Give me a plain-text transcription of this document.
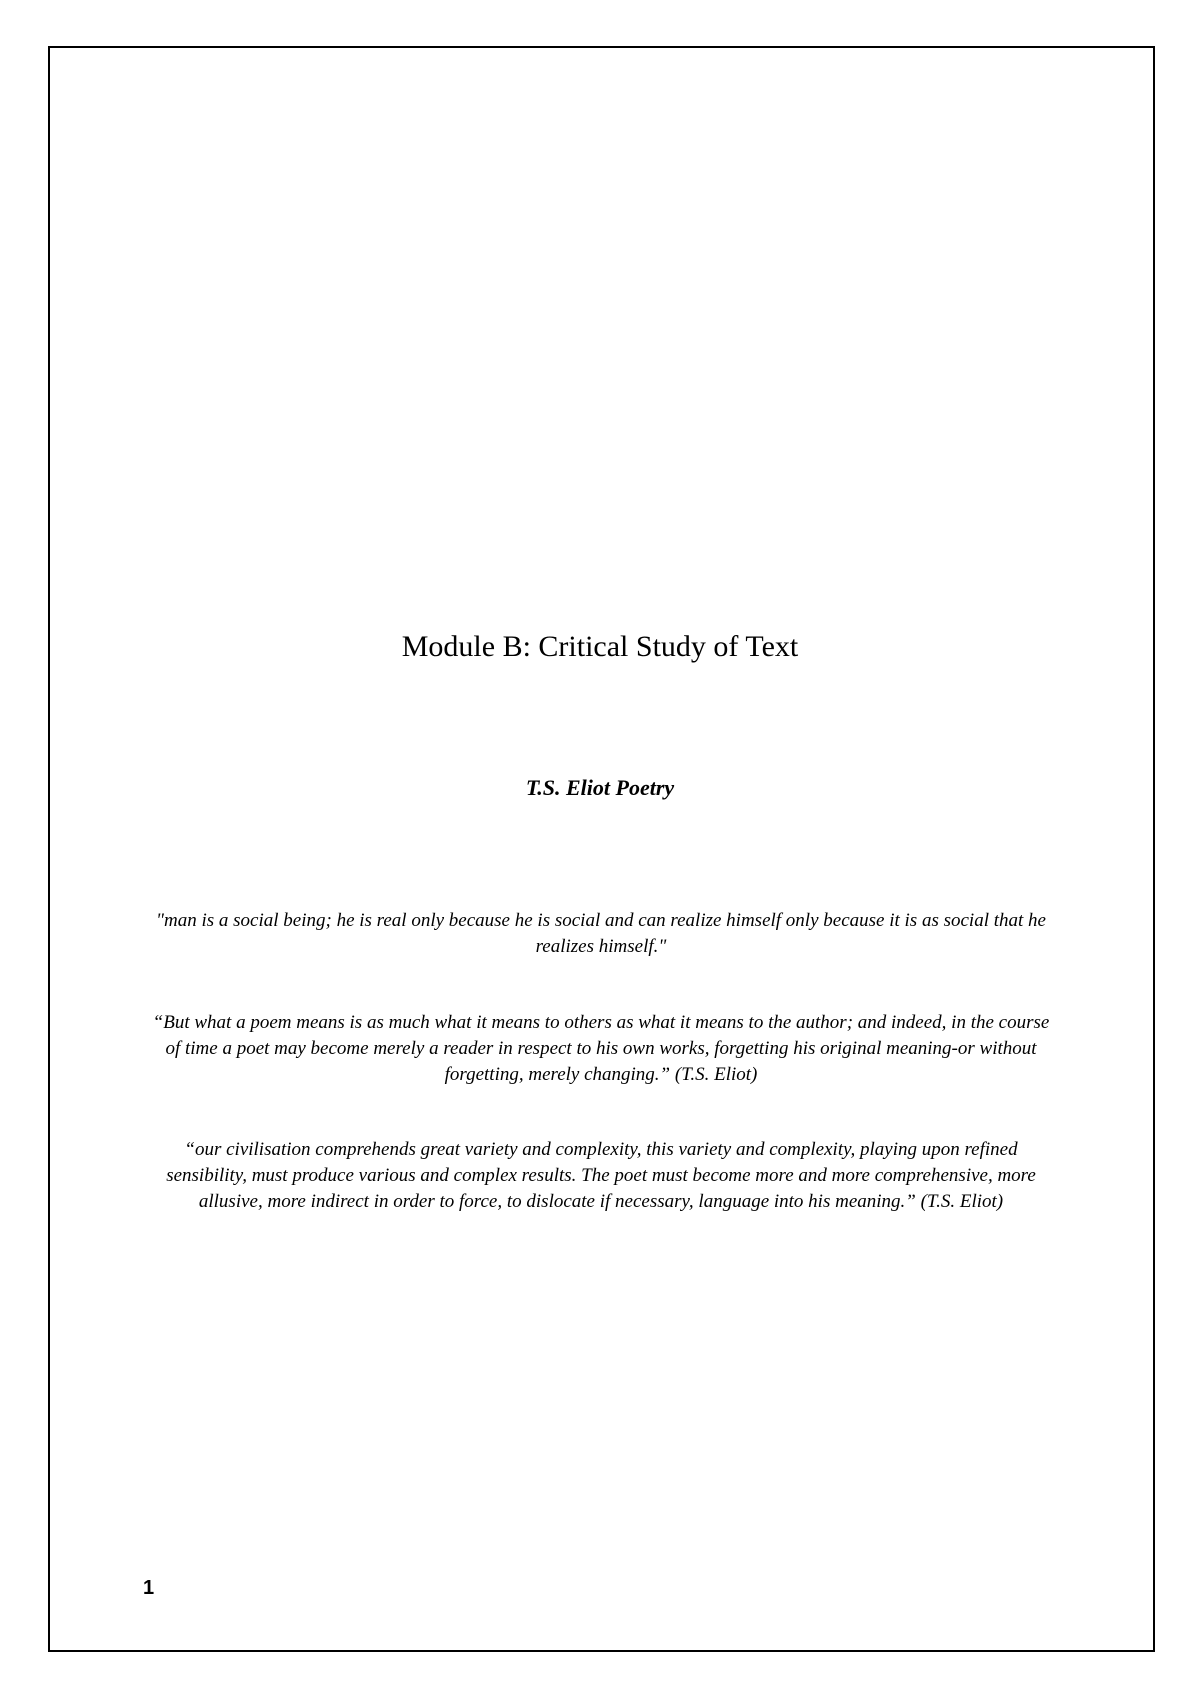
Module B: Critical Study of Text
T.S. Eliot Poetry
"man is a social being; he is real only because he is social and can realize himself only because it is as social that he realizes himself."
“But what a poem means is as much what it means to others as what it means to the author; and indeed, in the course of time a poet may become merely a reader in respect to his own works, forgetting his original meaning-or without forgetting, merely changing.” (T.S. Eliot)
“our civilisation comprehends great variety and complexity, this variety and complexity, playing upon refined sensibility, must produce various and complex results. The poet must become more and more comprehensive, more allusive, more indirect in order to force, to dislocate if necessary, language into his meaning.” (T.S. Eliot)
1
